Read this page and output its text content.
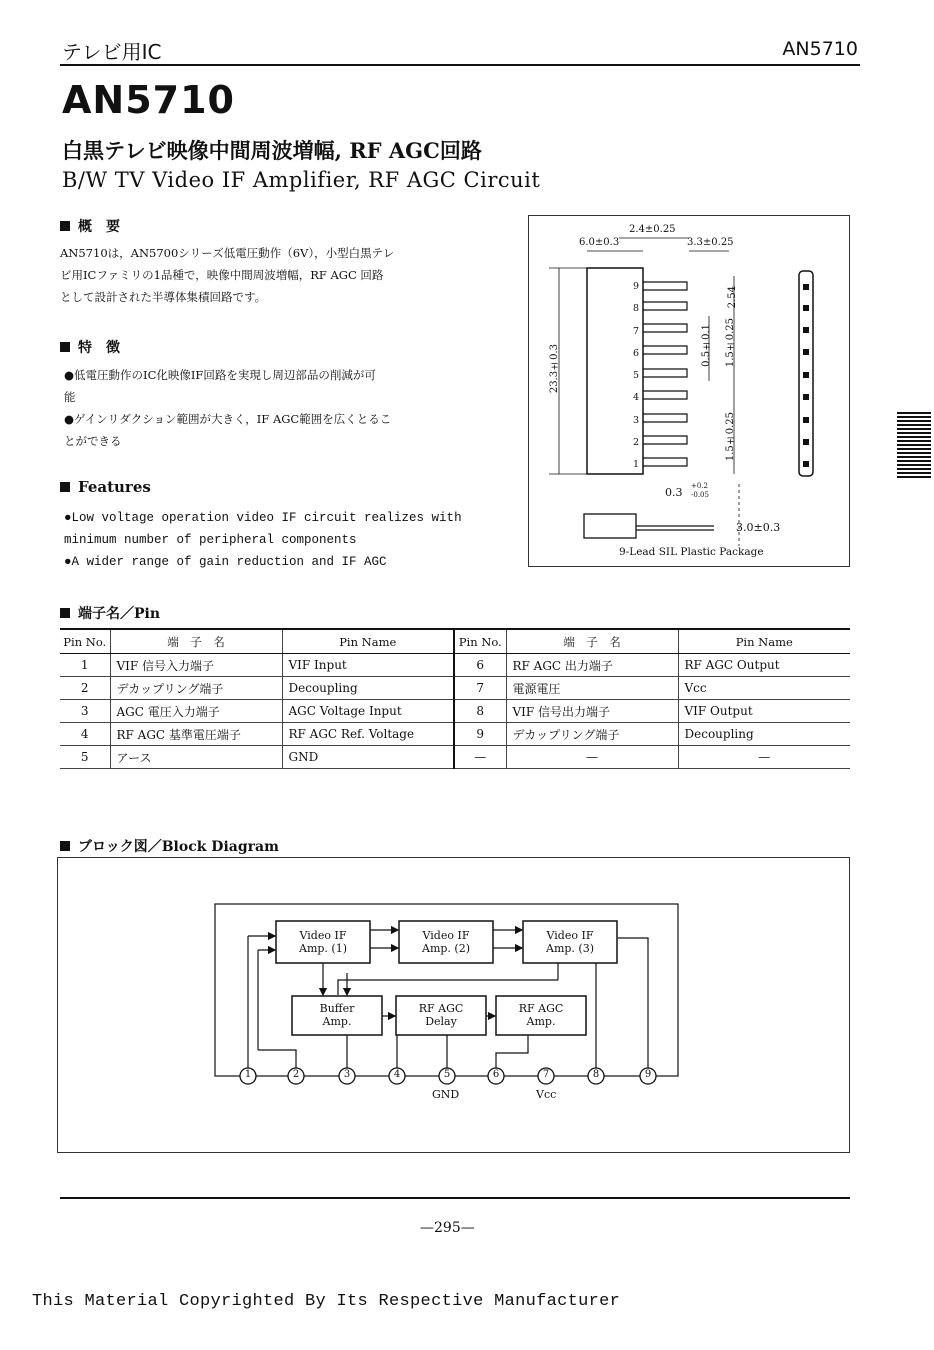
テレビ用IC	AN5710
AN5710
白黒テレビ映像中間周波増幅, RF AGC回路
B/W TV Video IF Amplifier, RF AGC Circuit
概　要
AN5710は，AN5700シリーズ低電圧動作（6V），小型白黒テレ
ビ用ICファミリの1品種で，映像中間周波増幅，RF AGC 回路
として設計された半導体集積回路です。
特　徴
●低電圧動作のIC化映像IF回路を実現し周辺部品の削減が可
能
●ゲインリダクション範囲が大きく，IF AGC範囲を広くとるこ
とができる
Features
●Low voltage operation video IF circuit realizes with
minimum number of peripheral components
●A wider range of gain reduction and IF AGC
2.4±0.25
6.0±0.3	3.3±0.25
2.54
0.5±0.1 1.5±0.25
23.3±0.3
1.5±0.25
0.3 +0.2
-0.05
3.0±0.3
9-Lead SIL Plastic Package
9
8
7
6
5
4
3
2
1
端子名／Pin
Pin No.	端　子　名	Pin Name	Pin No.	端　子　名	Pin Name
1	VIF 信号入力端子	VIF Input	6	RF AGC 出力端子	RF AGC Output
2	デカップリング端子	Decoupling	7	電源電圧	Vcc
3	AGC 電圧入力端子	AGC Voltage Input	8	VIF 信号出力端子	VIF Output
4	RF AGC 基準電圧端子	RF AGC Ref. Voltage	9	デカップリング端子	Decoupling
5	アース	GND	—	—	—
ブロック図／Block Diagram
Video IF
Amp. (1)
Video IF
Amp. (2)
Video IF
Amp. (3)
Buffer
Amp.
RF AGC
Delay
RF AGC
Amp.
1	2	3	4	5	6	7	8	9
GND	Vcc
—295—
This Material Copyrighted By Its Respective Manufacturer
